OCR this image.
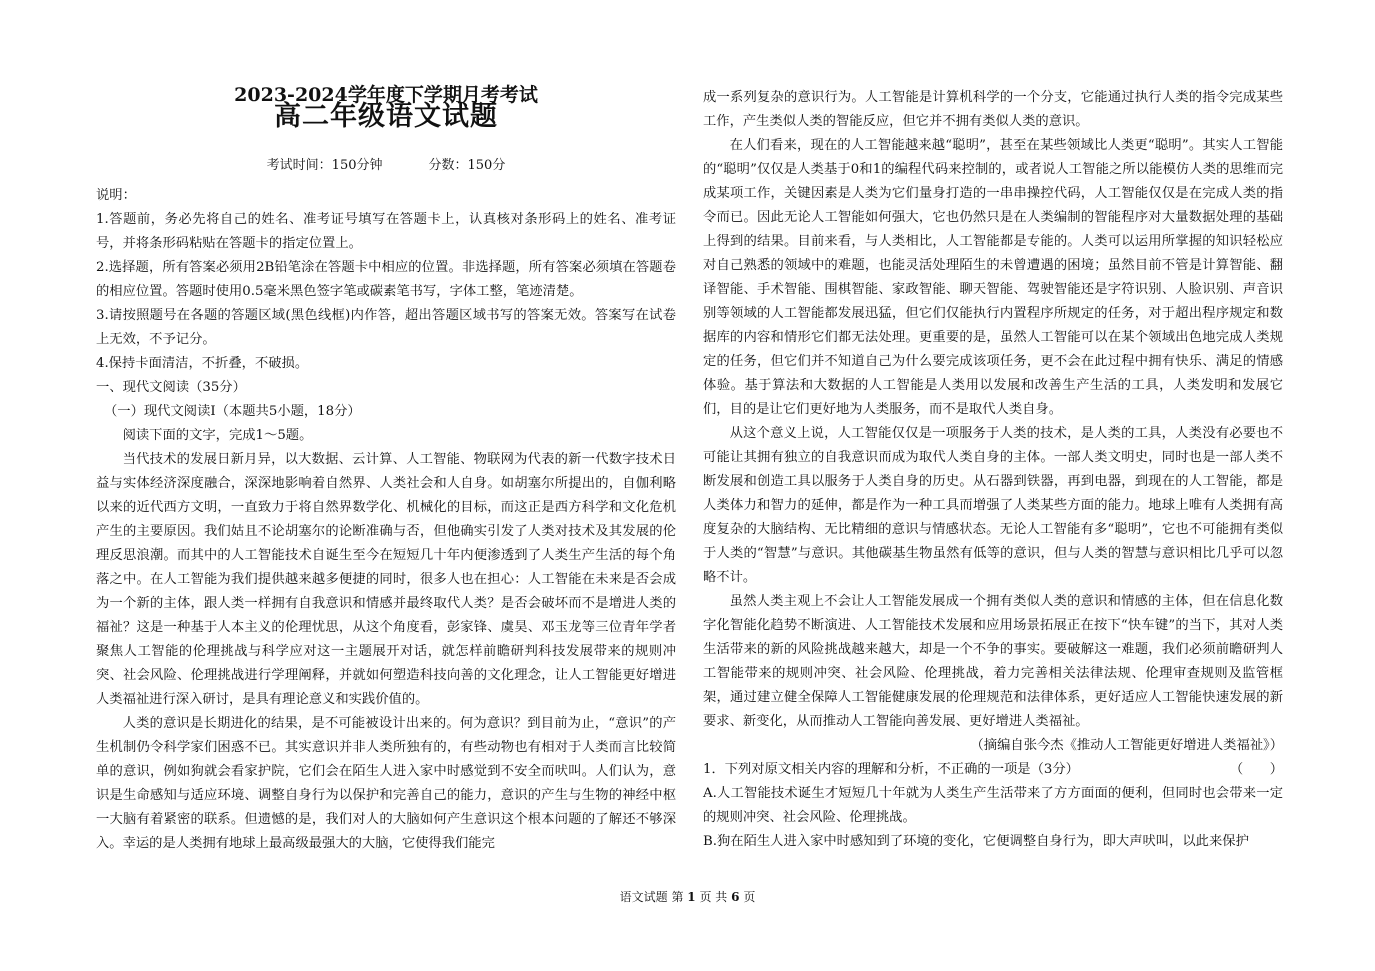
2023-2024学年度下学期月考考试
高二年级语文试题
考试时间：150分钟	分数：150分

说明：

1.答题前，务必先将自己的姓名、准考证号填写在答题卡上，认真核对条形码上的姓名、准考证号，并将条形码粘贴在答题卡的指定位置上。

2.选择题，所有答案必须用2B铅笔涂在答题卡中相应的位置。非选择题，所有答案必须填在答题卷的相应位置。答题时使用0.5毫米黑色签字笔或碳素笔书写，字体工整，笔迹清楚。

3.请按照题号在各题的答题区域(黑色线框)内作答，超出答题区域书写的答案无效。答案写在试卷上无效，不予记分。

4.保持卡面清洁，不折叠，不破损。

一、现代文阅读（35分）

（一）现代文阅读Ⅰ（本题共5小题，18分）

阅读下面的文字，完成1～5题。

当代技术的发展日新月异，以大数据、云计算、人工智能、物联网为代表的新一代数字技术日益与实体经济深度融合，深深地影响着自然界、人类社会和人自身。如胡塞尔所提出的，自伽利略以来的近代西方文明，一直致力于将自然界数学化、机械化的目标，而这正是西方科学和文化危机产生的主要原因。我们姑且不论胡塞尔的论断准确与否，但他确实引发了人类对技术及其发展的伦理反思浪潮。而其中的人工智能技术自诞生至今在短短几十年内便渗透到了人类生产生活的每个角落之中。在人工智能为我们提供越来越多便捷的同时，很多人也在担心：人工智能在未来是否会成为一个新的主体，跟人类一样拥有自我意识和情感并最终取代人类？是否会破坏而不是增进人类的福祉？这是一种基于人本主义的伦理忧思，从这个角度看，彭家锋、虞昊、邓玉龙等三位青年学者聚焦人工智能的伦理挑战与科学应对这一主题展开对话，就怎样前瞻研判科技发展带来的规则冲突、社会风险、伦理挑战进行学理阐释，并就如何塑造科技向善的文化理念，让人工智能更好增进人类福祉进行深入研讨，是具有理论意义和实践价值的。

人类的意识是长期进化的结果，是不可能被设计出来的。何为意识？到目前为止，“意识”的产生机制仍令科学家们困惑不已。其实意识并非人类所独有的，有些动物也有相对于人类而言比较简单的意识，例如狗就会看家护院，它们会在陌生人进入家中时感觉到不安全而吠叫。人们认为，意识是生命感知与适应环境、调整自身行为以保护和完善自己的能力，意识的产生与生物的神经中枢一大脑有着紧密的联系。但遗憾的是，我们对人的大脑如何产生意识这个根本问题的了解还不够深入。幸运的是人类拥有地球上最高级最强大的大脑，它使得我们能完

成一系列复杂的意识行为。人工智能是计算机科学的一个分支，它能通过执行人类的指令完成某些工作，产生类似人类的智能反应，但它并不拥有类似人类的意识。

在人们看来，现在的人工智能越来越“聪明”，甚至在某些领域比人类更“聪明”。其实人工智能的“聪明”仅仅是人类基于0和1的编程代码来控制的，或者说人工智能之所以能模仿人类的思维而完成某项工作，关键因素是人类为它们量身打造的一串串操控代码，人工智能仅仅是在完成人类的指令而已。因此无论人工智能如何强大，它也仍然只是在人类编制的智能程序对大量数据处理的基础上得到的结果。目前来看，与人类相比，人工智能都是专能的。人类可以运用所掌握的知识轻松应对自己熟悉的领域中的难题，也能灵活处理陌生的未曾遭遇的困境；虽然目前不管是计算智能、翻译智能、手术智能、围棋智能、家政智能、聊天智能、驾驶智能还是字符识别、人脸识别、声音识别等领域的人工智能都发展迅猛，但它们仅能执行内置程序所规定的任务，对于超出程序规定和数据库的内容和情形它们都无法处理。更重要的是，虽然人工智能可以在某个领域出色地完成人类规定的任务，但它们并不知道自己为什么要完成该项任务，更不会在此过程中拥有快乐、满足的情感体验。基于算法和大数据的人工智能是人类用以发展和改善生产生活的工具，人类发明和发展它们，目的是让它们更好地为人类服务，而不是取代人类自身。

从这个意义上说，人工智能仅仅是一项服务于人类的技术，是人类的工具，人类没有必要也不可能让其拥有独立的自我意识而成为取代人类自身的主体。一部人类文明史，同时也是一部人类不断发展和创造工具以服务于人类自身的历史。从石器到铁器，再到电器，到现在的人工智能，都是人类体力和智力的延伸，都是作为一种工具而增强了人类某些方面的能力。地球上唯有人类拥有高度复杂的大脑结构、无比精细的意识与情感状态。无论人工智能有多“聪明”，它也不可能拥有类似于人类的“智慧”与意识。其他碳基生物虽然有低等的意识，但与人类的智慧与意识相比几乎可以忽略不计。

虽然人类主观上不会让人工智能发展成一个拥有类似人类的意识和情感的主体，但在信息化数字化智能化趋势不断演进、人工智能技术发展和应用场景拓展正在按下“快车键”的当下，其对人类生活带来的新的风险挑战越来越大，却是一个不争的事实。要破解这一难题，我们必须前瞻研判人工智能带来的规则冲突、社会风险、伦理挑战，着力完善相关法律法规、伦理审查规则及监管框架，通过建立健全保障人工智能健康发展的伦理规范和法律体系，更好适应人工智能快速发展的新要求、新变化，从而推动人工智能向善发展、更好增进人类福祉。

（摘编自张今杰《推动人工智能更好增进人类福祉》）

1．下列对原文相关内容的理解和分析，不正确的一项是（3分）	（　　）

A.人工智能技术诞生才短短几十年就为人类生产生活带来了方方面面的便利，但同时也会带来一定的规则冲突、社会风险、伦理挑战。

B.狗在陌生人进入家中时感知到了环境的变化，它便调整自身行为，即大声吠叫，以此来保护

语文试题 第 1 页 共 6 页
